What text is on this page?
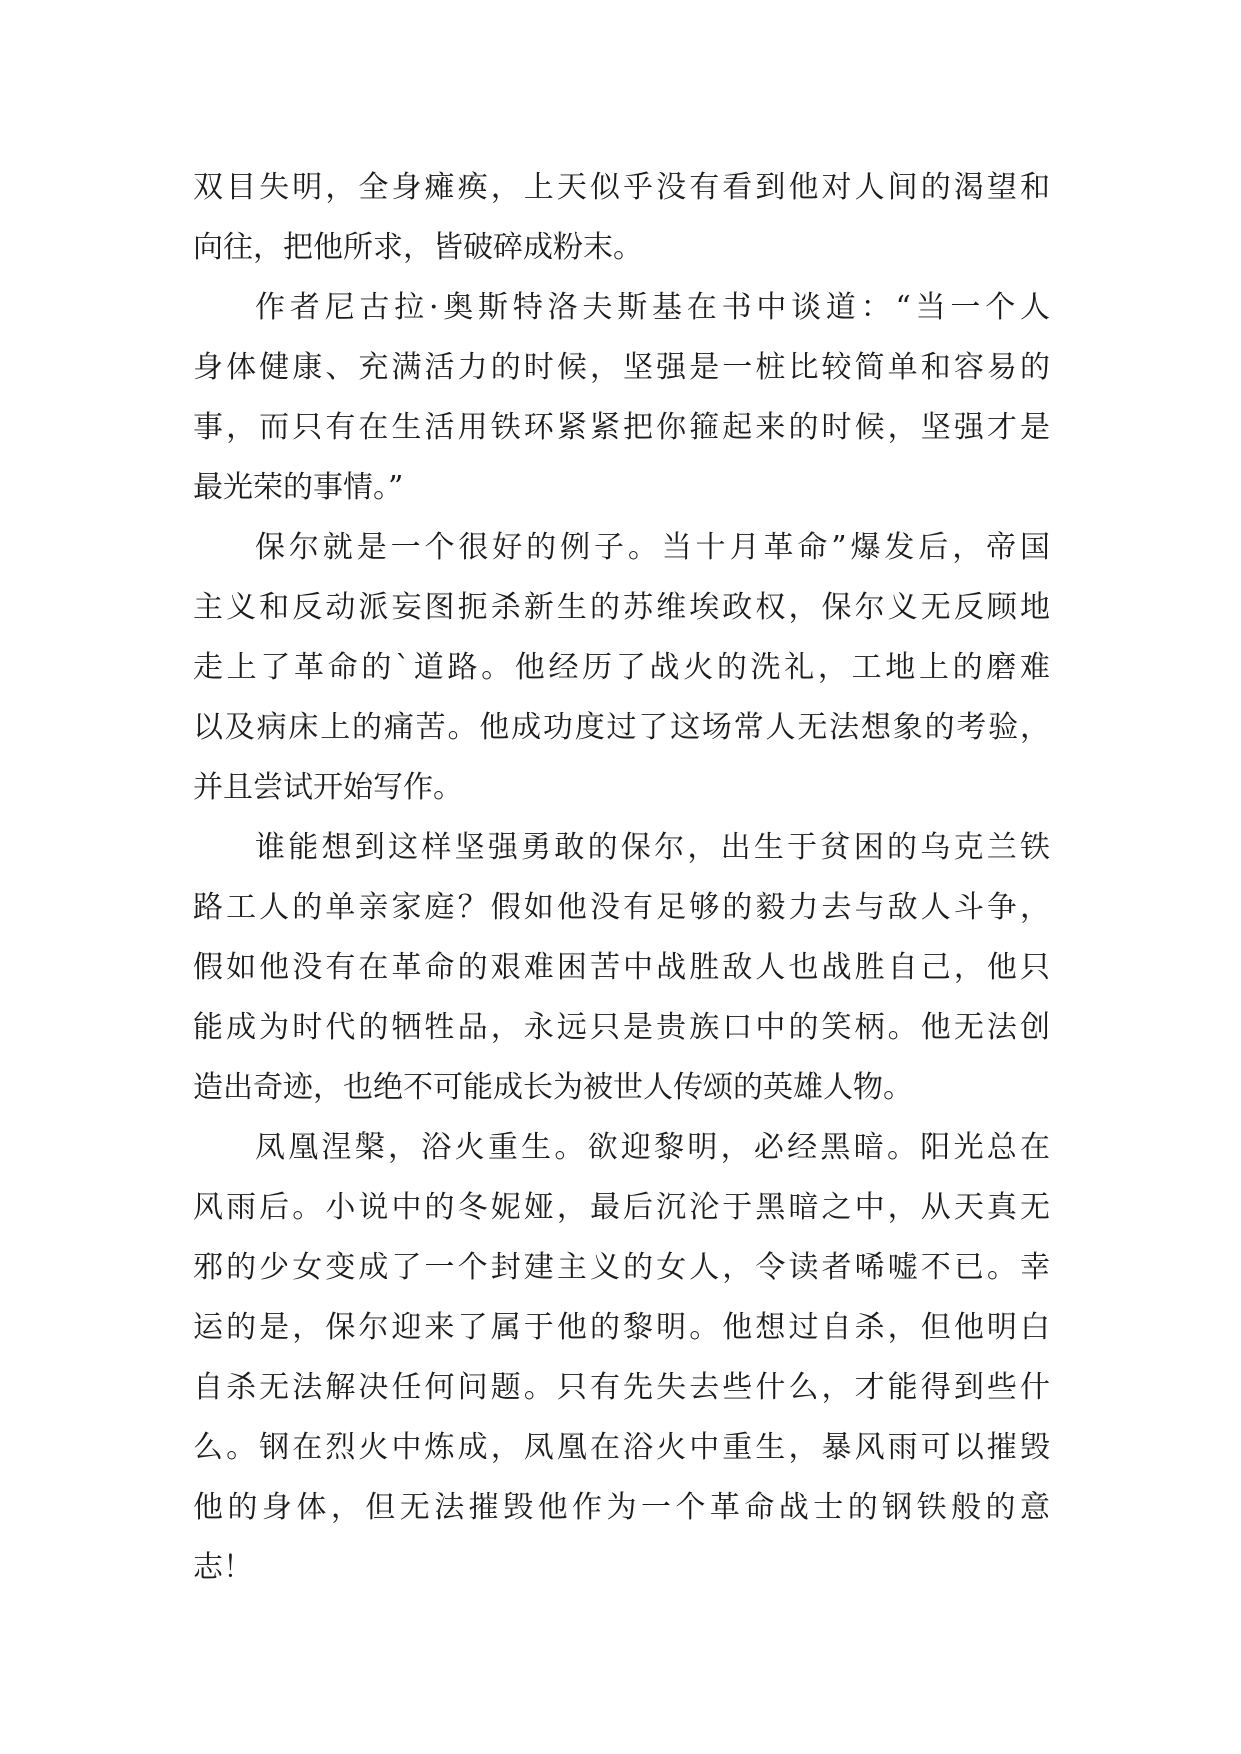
双目失明，全身瘫痪，上天似乎没有看到他对人间的渴望和
向往，把他所求，皆破碎成粉末。
作者尼古拉·奥斯特洛夫斯基在书中谈道：“当一个人
身体健康、充满活力的时候，坚强是一桩比较简单和容易的
事，而只有在生活用铁环紧紧把你箍起来的时候，坚强才是
最光荣的事情。”
保尔就是一个很好的例子。当十月革命”爆发后，帝国
主义和反动派妄图扼杀新生的苏维埃政权，保尔义无反顾地
走上了革命的`道路。他经历了战火的洗礼，工地上的磨难
以及病床上的痛苦。他成功度过了这场常人无法想象的考验，
并且尝试开始写作。
谁能想到这样坚强勇敢的保尔，出生于贫困的乌克兰铁
路工人的单亲家庭？假如他没有足够的毅力去与敌人斗争，
假如他没有在革命的艰难困苦中战胜敌人也战胜自己，他只
能成为时代的牺牲品，永远只是贵族口中的笑柄。他无法创
造出奇迹，也绝不可能成长为被世人传颂的英雄人物。
凤凰涅槃，浴火重生。欲迎黎明，必经黑暗。阳光总在
风雨后。小说中的冬妮娅，最后沉沦于黑暗之中，从天真无
邪的少女变成了一个封建主义的女人，令读者唏嘘不已。幸
运的是，保尔迎来了属于他的黎明。他想过自杀，但他明白
自杀无法解决任何问题。只有先失去些什么，才能得到些什
么。钢在烈火中炼成，凤凰在浴火中重生，暴风雨可以摧毁
他的身体，但无法摧毁他作为一个革命战士的钢铁般的意
志！
